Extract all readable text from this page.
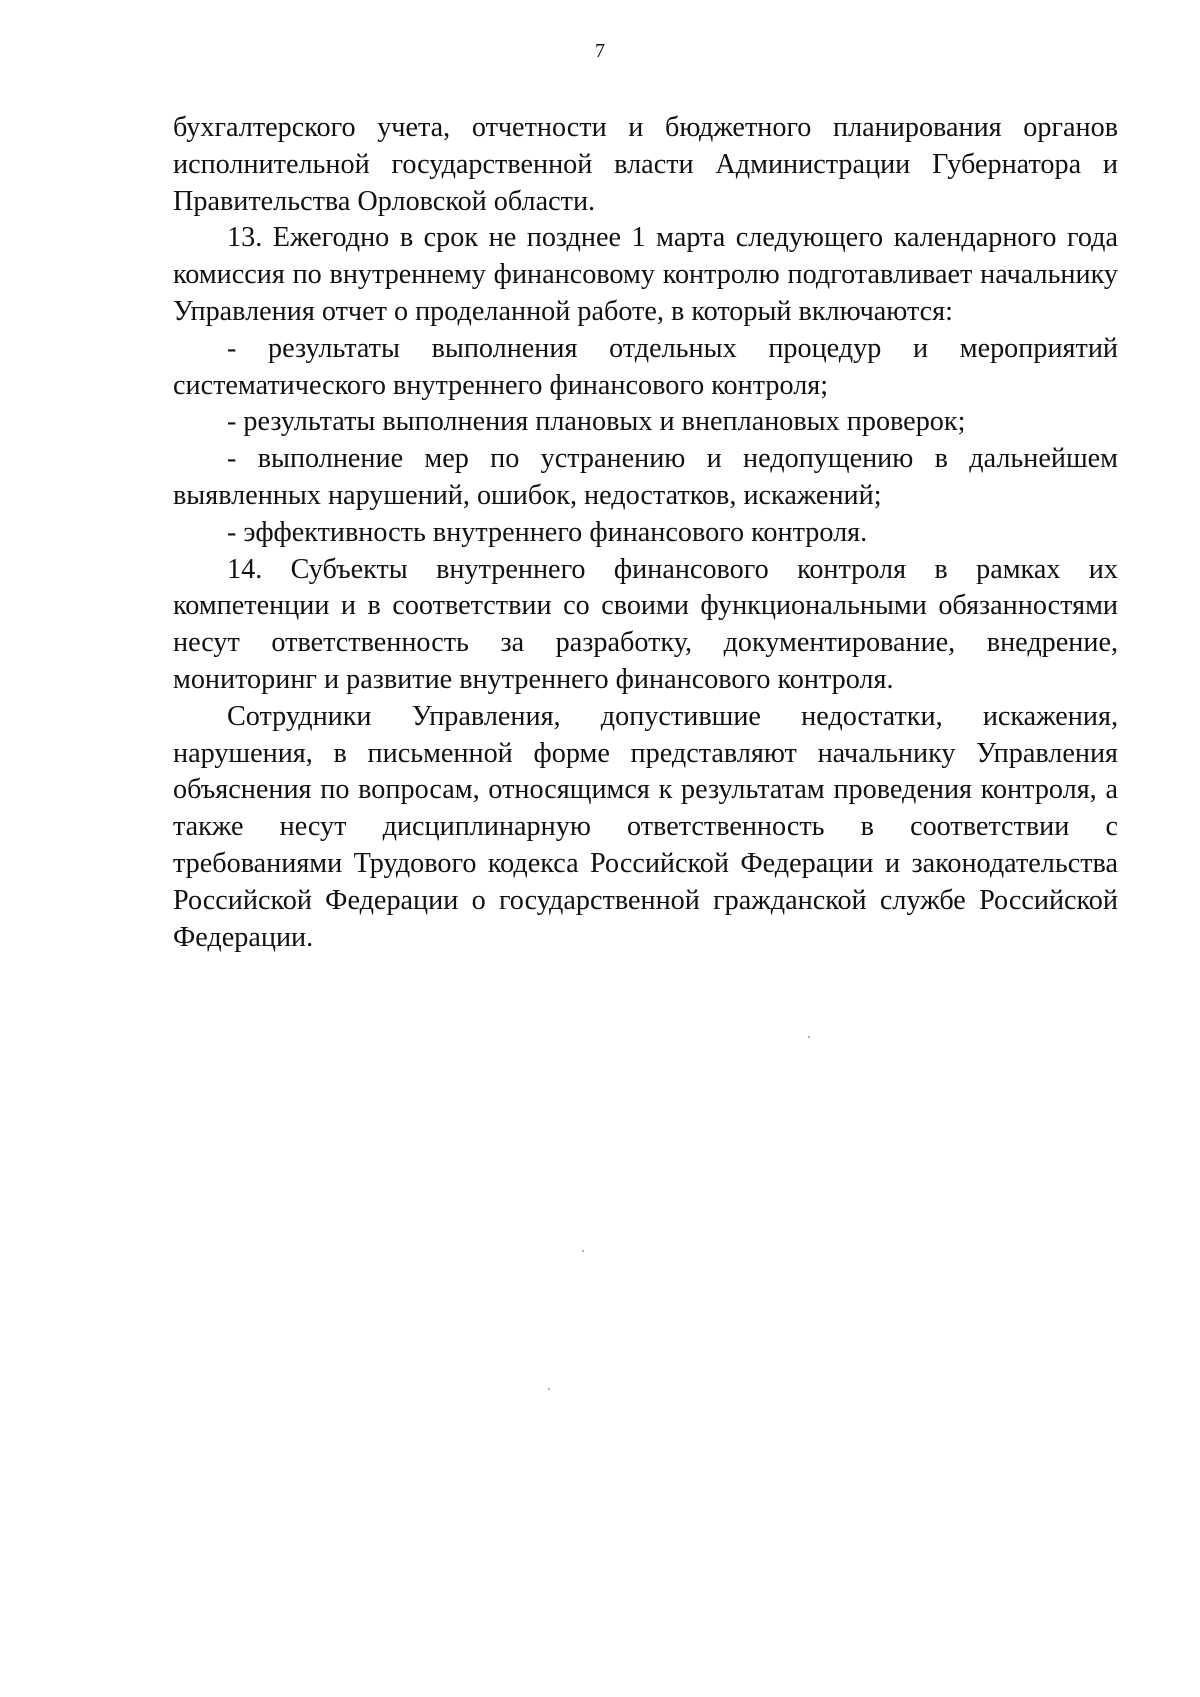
7

бухгалтерского учета, отчетности и бюджетного планирования органов исполнительной государственной власти Администрации Губернатора и Правительства Орловской области.

13. Ежегодно в срок не позднее 1 марта следующего календарного года комиссия по внутреннему финансовому контролю подготавливает начальнику Управления отчет о проделанной работе, в который включаются:

- результаты выполнения отдельных процедур и мероприятий систематического внутреннего финансового контроля;

- результаты выполнения плановых и внеплановых проверок;

- выполнение мер по устранению и недопущению в дальнейшем выявленных нарушений, ошибок, недостатков, искажений;

- эффективность внутреннего финансового контроля.

14. Субъекты внутреннего финансового контроля в рамках их компетенции и в соответствии со своими функциональными обязанностями несут ответственность за разработку, документирование, внедрение, мониторинг и развитие внутреннего финансового контроля.

Сотрудники Управления, допустившие недостатки, искажения, нарушения, в письменной форме представляют начальнику Управления объяснения по вопросам, относящимся к результатам проведения контроля, а также несут дисциплинарную ответственность в соответствии с требованиями Трудового кодекса Российской Федерации и законодательства Российской Федерации о государственной гражданской службе Российской Федерации.
